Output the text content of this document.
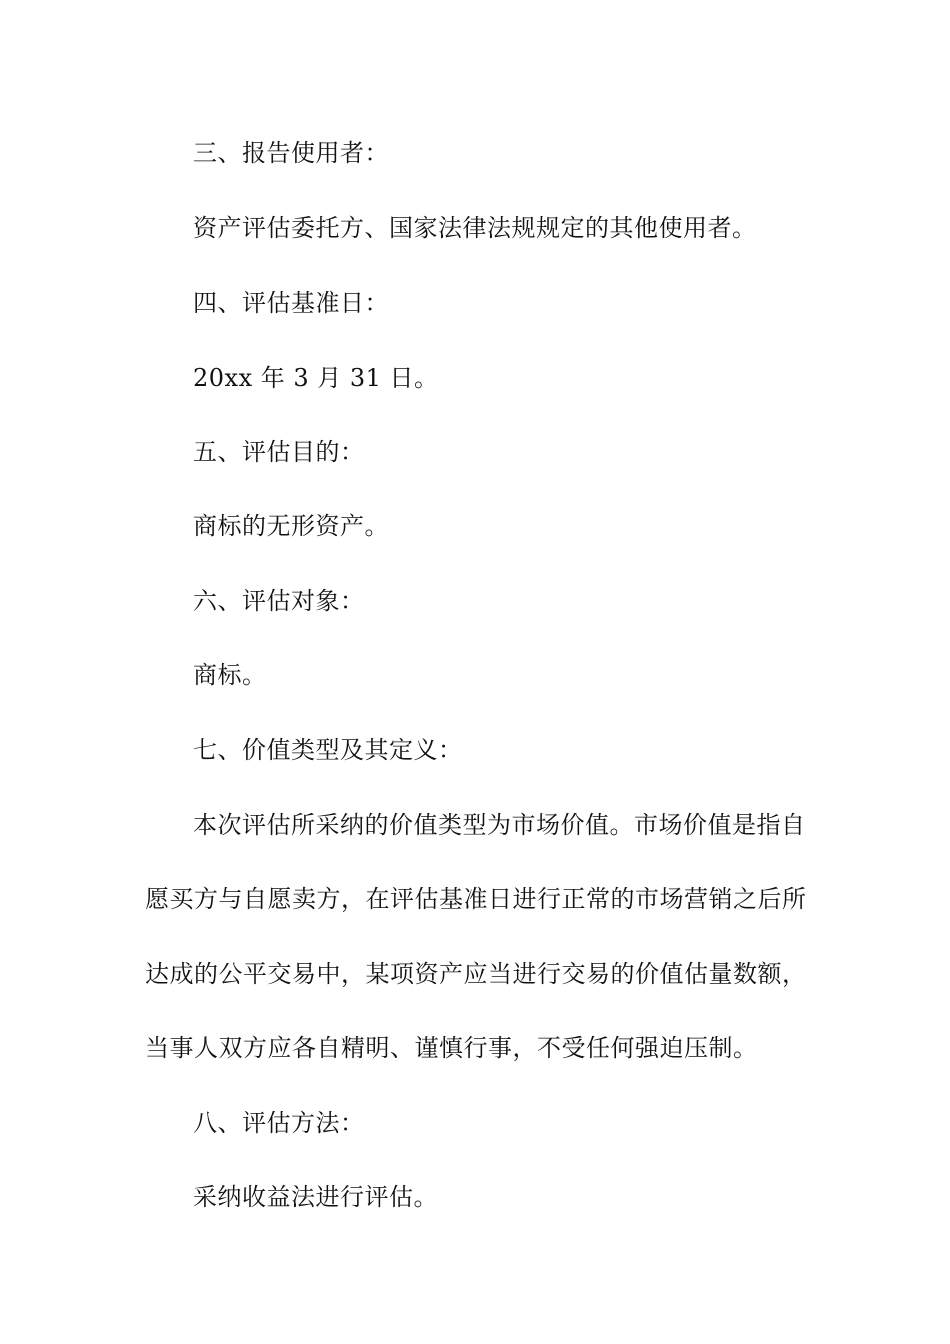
三、报告使用者：
资产评估委托方、国家法律法规规定的其他使用者。
四、评估基准日：
20xx 年 3 月 31 日。
五、评估目的：
商标的无形资产。
六、评估对象：
商标。
七、价值类型及其定义：
本次评估所采纳的价值类型为市场价值。市场价值是指自
愿买方与自愿卖方，在评估基准日进行正常的市场营销之后所
达成的公平交易中，某项资产应当进行交易的价值估量数额，
当事人双方应各自精明、谨慎行事，不受任何强迫压制。
八、评估方法：
采纳收益法进行评估。
